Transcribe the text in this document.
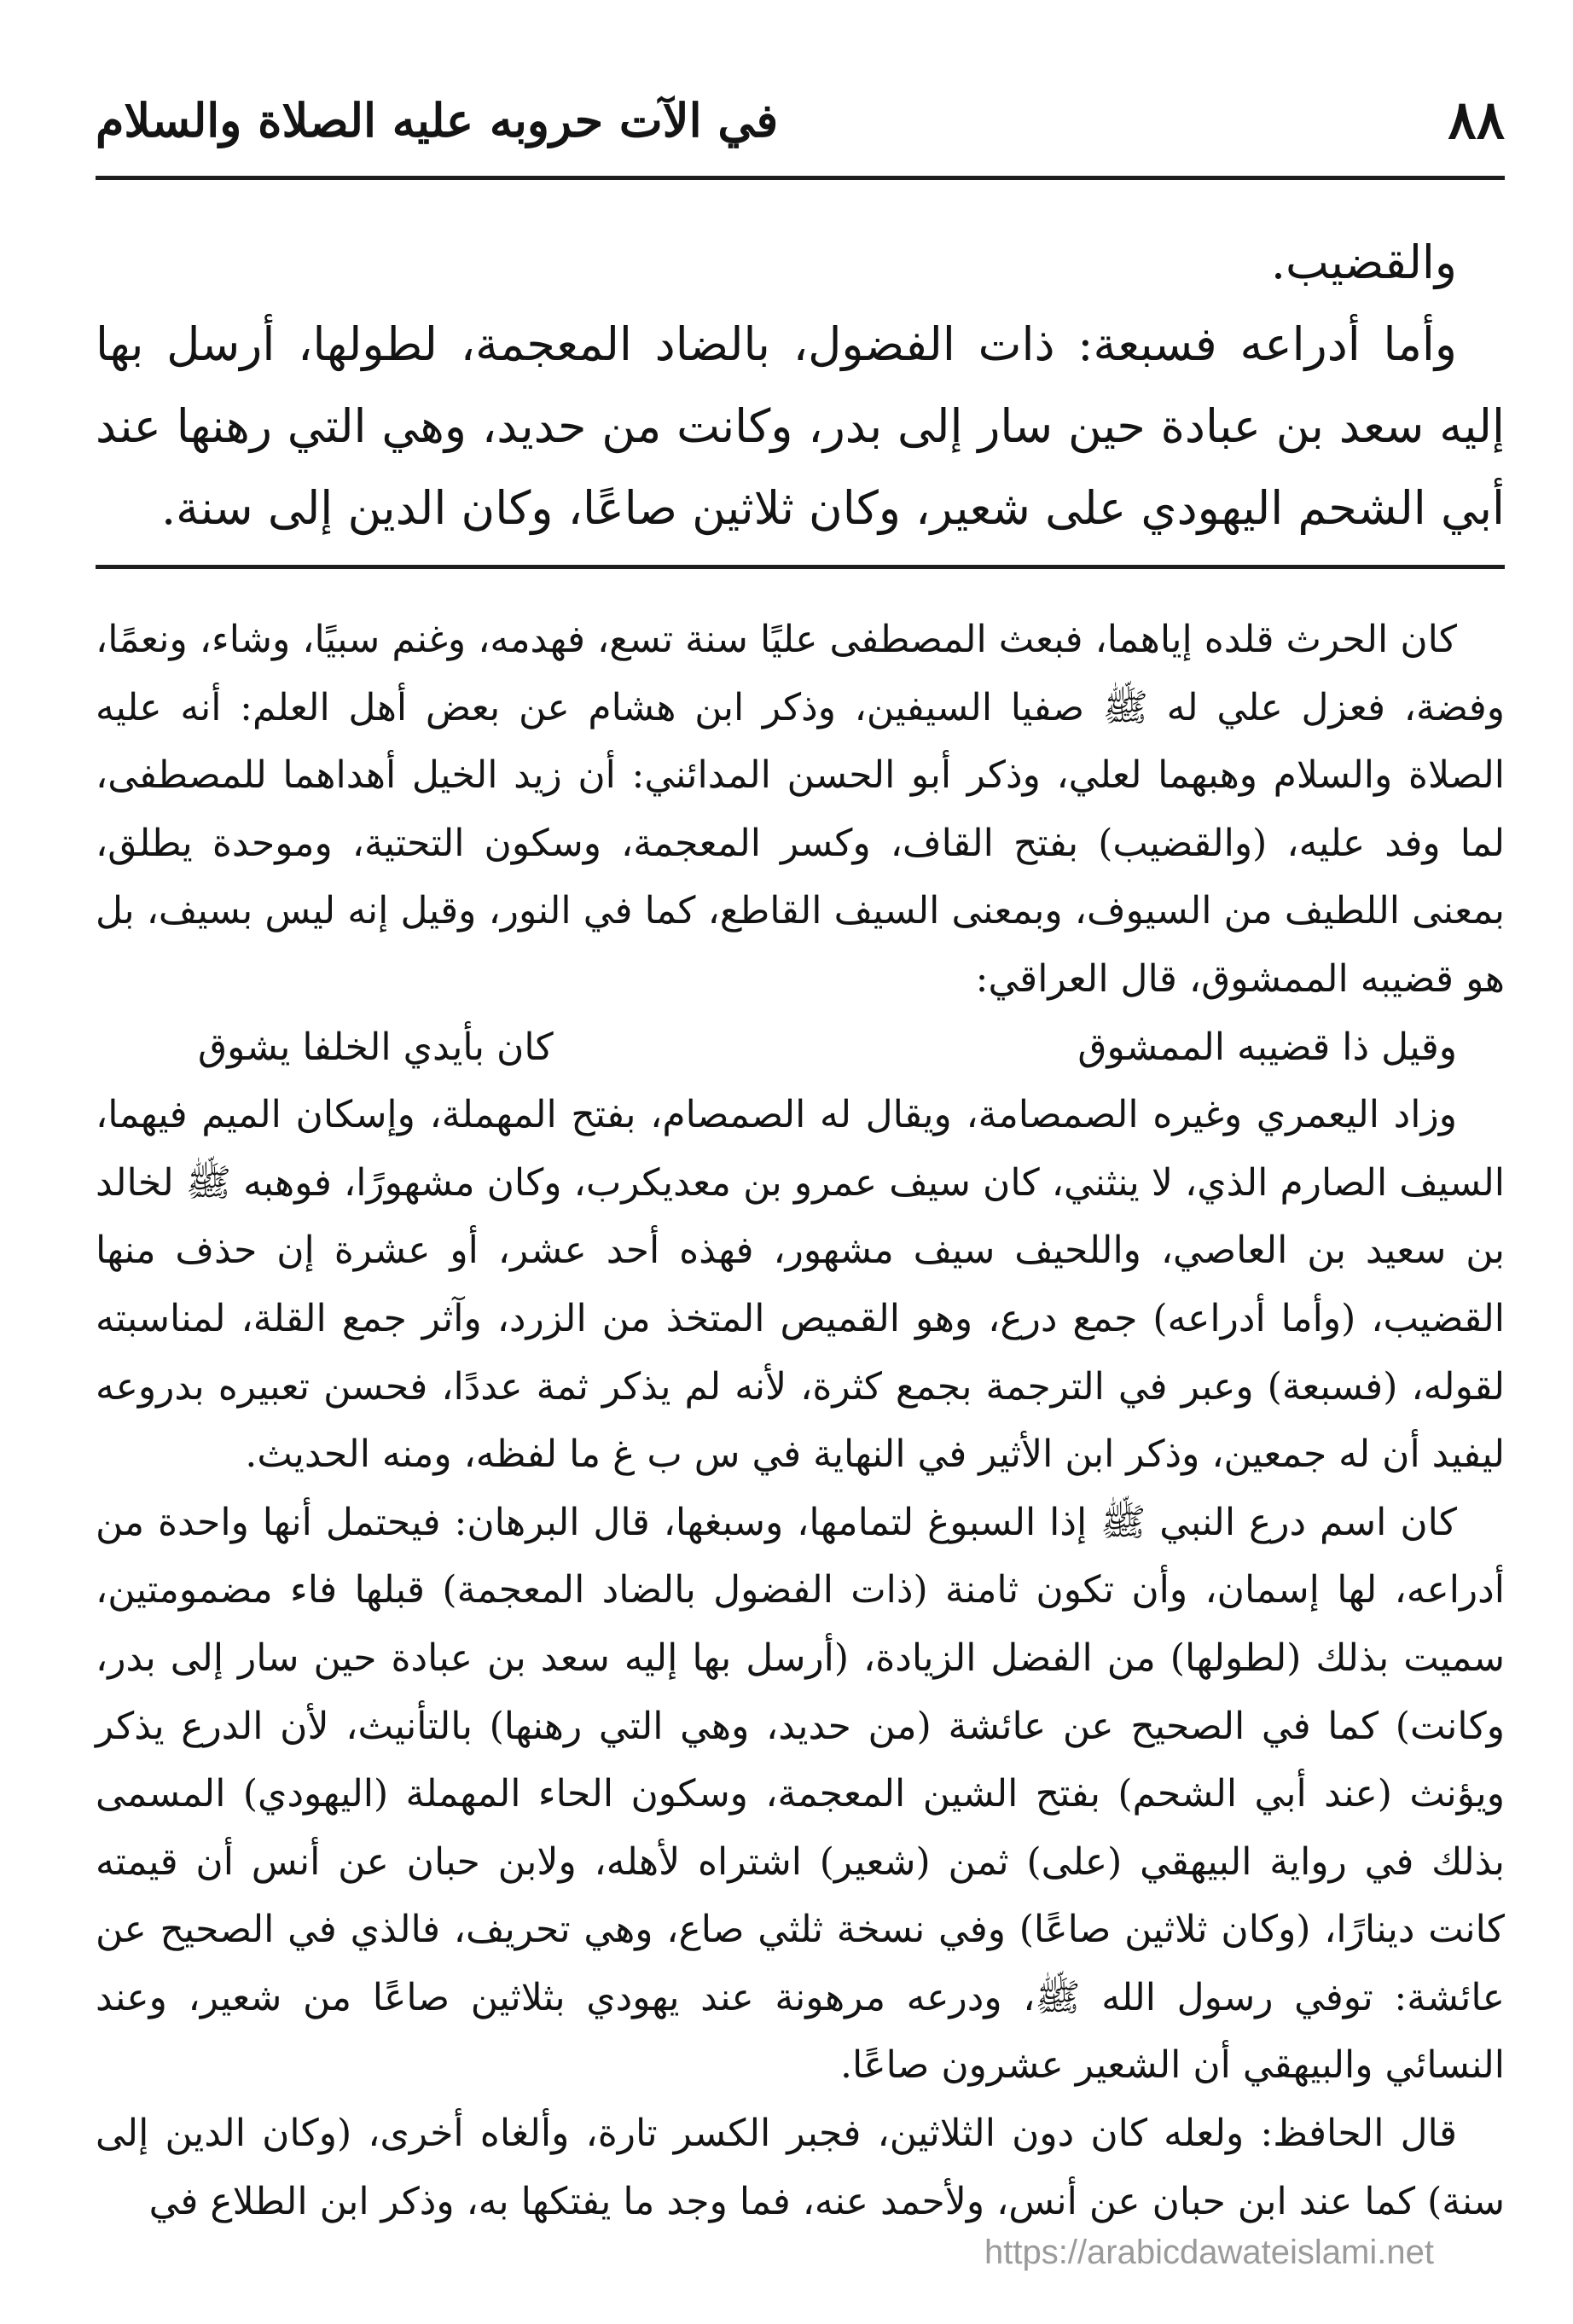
٨٨
في الآت حروبه عليه الصلاة والسلام

والقضيب.

وأما أدراعه فسبعة: ذات الفضول، بالضاد المعجمة، لطولها، أرسل بها إليه سعد بن عبادة حين سار إلى بدر، وكانت من حديد، وهي التي رهنها عند أبي الشحم اليهودي على شعير، وكان ثلاثين صاعًا، وكان الدين إلى سنة.

كان الحرث قلده إياهما، فبعث المصطفى عليًا سنة تسع، فهدمه، وغنم سبيًا، وشاء، ونعمًا، وفضة، فعزل علي له ﷺ صفيا السيفين، وذكر ابن هشام عن بعض أهل العلم: أنه عليه الصلاة والسلام وهبهما لعلي، وذكر أبو الحسن المدائني: أن زيد الخيل أهداهما للمصطفى، لما وفد عليه، (والقضيب) بفتح القاف، وكسر المعجمة، وسكون التحتية، وموحدة يطلق، بمعنى اللطيف من السيوف، وبمعنى السيف القاطع، كما في النور، وقيل إنه ليس بسيف، بل هو قضيبه الممشوق، قال العراقي:

وقيل ذا قضيبه الممشوق
كان بأيدي الخلفا يشوق

وزاد اليعمري وغيره الصمصامة، ويقال له الصمصام، بفتح المهملة، وإسكان الميم فيهما، السيف الصارم الذي، لا ينثني، كان سيف عمرو بن معديكرب، وكان مشهورًا، فوهبه ﷺ لخالد بن سعيد بن العاصي، واللحيف سيف مشهور، فهذه أحد عشر، أو عشرة إن حذف منها القضيب، (وأما أدراعه) جمع درع، وهو القميص المتخذ من الزرد، وآثر جمع القلة، لمناسبته لقوله، (فسبعة) وعبر في الترجمة بجمع كثرة، لأنه لم يذكر ثمة عددًا، فحسن تعبيره بدروعه ليفيد أن له جمعين، وذكر ابن الأثير في النهاية في س ب غ ما لفظه، ومنه الحديث.

كان اسم درع النبي ﷺ إذا السبوغ لتمامها، وسبغها، قال البرهان: فيحتمل أنها واحدة من أدراعه، لها إسمان، وأن تكون ثامنة (ذات الفضول بالضاد المعجمة) قبلها فاء مضمومتين، سميت بذلك (لطولها) من الفضل الزيادة، (أرسل بها إليه سعد بن عبادة حين سار إلى بدر، وكانت) كما في الصحيح عن عائشة (من حديد، وهي التي رهنها) بالتأنيث، لأن الدرع يذكر ويؤنث (عند أبي الشحم) بفتح الشين المعجمة، وسكون الحاء المهملة (اليهودي) المسمى بذلك في رواية البيهقي (على) ثمن (شعير) اشتراه لأهله، ولابن حبان عن أنس أن قيمته كانت دينارًا، (وكان ثلاثين صاعًا) وفي نسخة ثلثي صاع، وهي تحريف، فالذي في الصحيح عن عائشة: توفي رسول الله ﷺ، ودرعه مرهونة عند يهودي بثلاثين صاعًا من شعير، وعند النسائي والبيهقي أن الشعير عشرون صاعًا.

قال الحافظ: ولعله كان دون الثلاثين، فجبر الكسر تارة، وألغاه أخرى، (وكان الدين إلى سنة) كما عند ابن حبان عن أنس، ولأحمد عنه، فما وجد ما يفتكها به، وذكر ابن الطلاع في

https://arabicdawateislami.net
